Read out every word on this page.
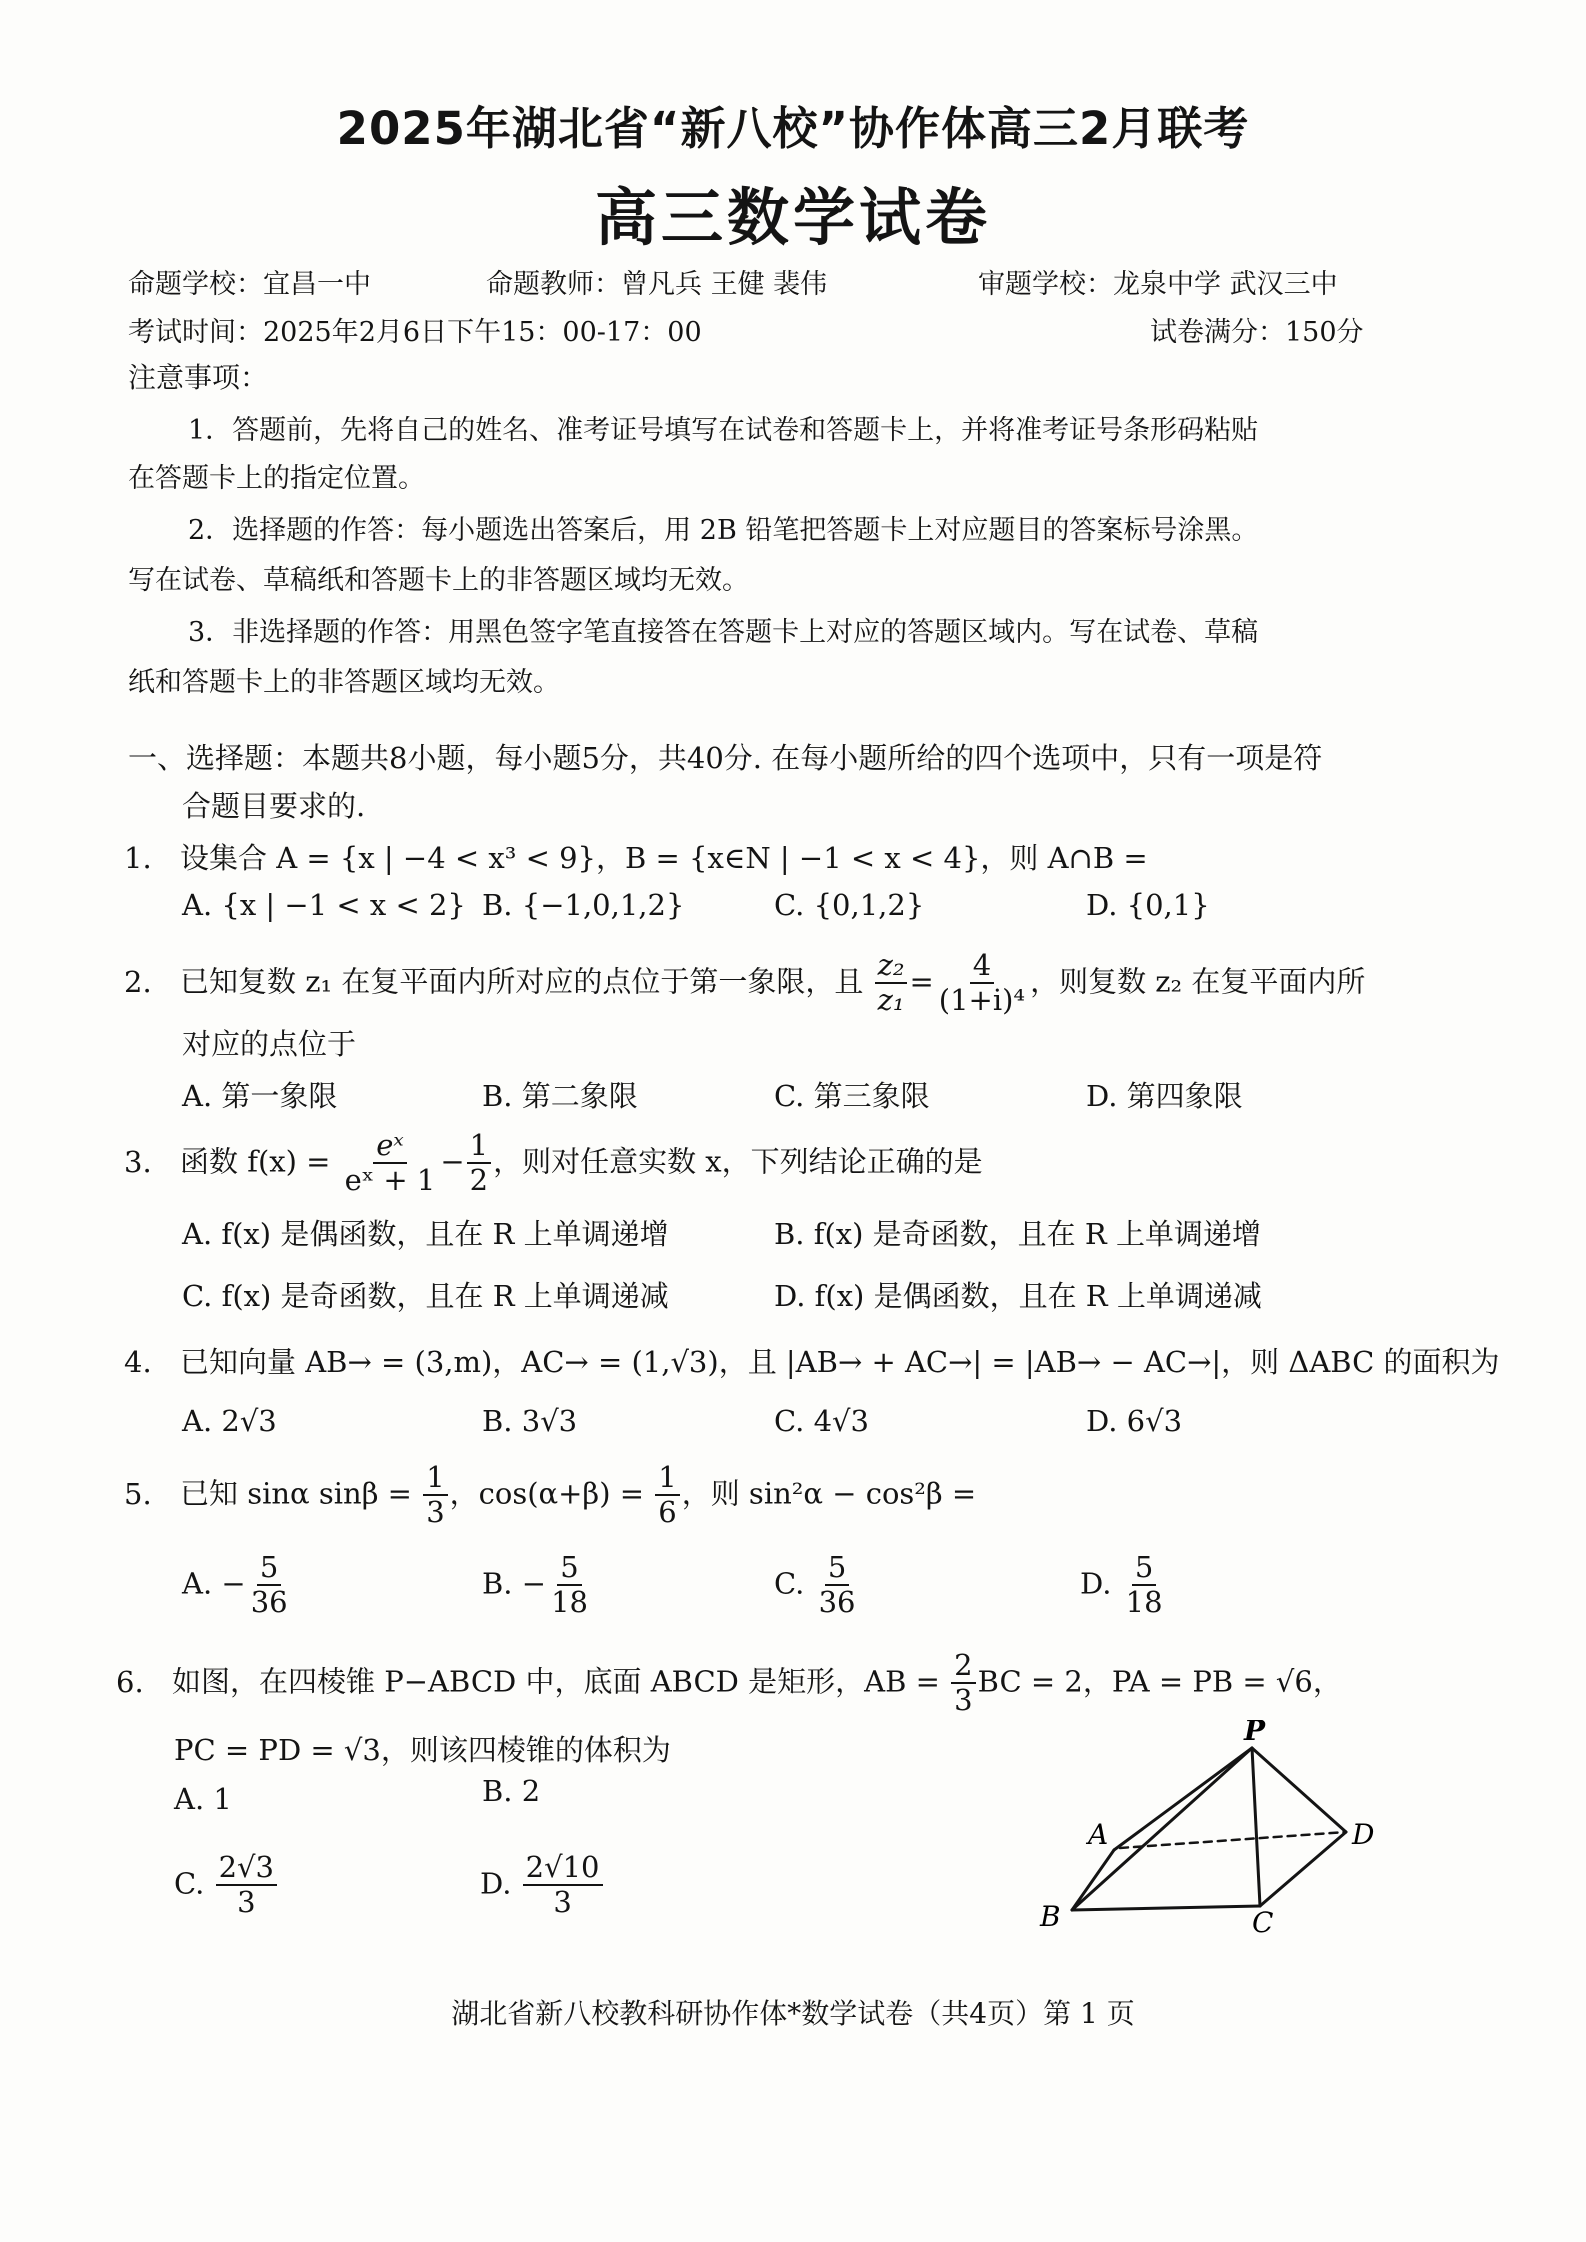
2025年湖北省“新八校”协作体高三2月联考
高三数学试卷
命题学校：宜昌一中	命题教师：曾凡兵 王健 裴伟	审题学校：龙泉中学 武汉三中
考试时间：2025年2月6日下午15：00-17：00	试卷满分：150分
注意事项：
1．答题前，先将自己的姓名、准考证号填写在试卷和答题卡上，并将准考证号条形码粘贴
在答题卡上的指定位置。
2．选择题的作答：每小题选出答案后，用 2B 铅笔把答题卡上对应题目的答案标号涂黑。
写在试卷、草稿纸和答题卡上的非答题区域均无效。
3．非选择题的作答：用黑色签字笔直接答在答题卡上对应的答题区域内。写在试卷、草稿
纸和答题卡上的非答题区域均无效。
一、选择题：本题共8小题，每小题5分，共40分. 在每小题所给的四个选项中，只有一项是符
合题目要求的.
1. 设集合 A = {x | −4 < x³ < 9}，B = {x∈N | −1 < x < 4}，则 A∩B =
A. {x | −1 < x < 2} B. {−1,0,1,2}	C. {0,1,2}	D. {0,1}
2. 已知复数 z₁ 在复平面内所对应的点位于第一象限，且 $\frac{\text{z₂}}{\text{z₁}} = \frac{4}{\text{(1+i)⁴}}$ ，则复数 z₂ 在复平面内所
对应的点位于
A. 第一象限	B. 第二象限	C. 第三象限	D. 第四象限
3. 函数 $f(x) = \frac{\text{eˣ}}{\text{eˣ + 1}} - \frac{1}{2}$ ，则对任意实数 x，下列结论正确的是
A. f(x) 是偶函数，且在 R 上单调递增	B. f(x) 是奇函数，且在 R 上单调递增
C. f(x) 是奇函数，且在 R 上单调递减	D. f(x) 是偶函数，且在 R 上单调递减
4. 已知向量 AB→ = (3,m)，AC→ = (1,√3)，且 |AB→ + AC→| = |AB→ − AC→|，则 ΔABC 的面积为
A. 2√3	B. 3√3	C. 4√3	D. 6√3
5. 已知 sinα $\sin\beta = \frac{1}{3}$ ，$\cos(\alpha+\beta) = \frac{1}{6}$ ，则 sin²α − cos²β =
A. − $\frac{5}{36}$	B. − $\frac{5}{18}$	C. $\frac{5}{36}$	D. $\frac{5}{18}$
6. 如图，在四棱锥 P−ABCD 中，底面 ABCD 是矩形，AB = $\frac{2}{3}$ BC = 2，PA = PB = √6，
PC = PD = √3，则该四棱锥的体积为
A. 1	B. 2
C. $\frac{2√3}{3}$	D. $\frac{2√10}{3}$
P
A
B	C
D
湖北省新八校教科研协作体*数学试卷（共4页）第 1 页
